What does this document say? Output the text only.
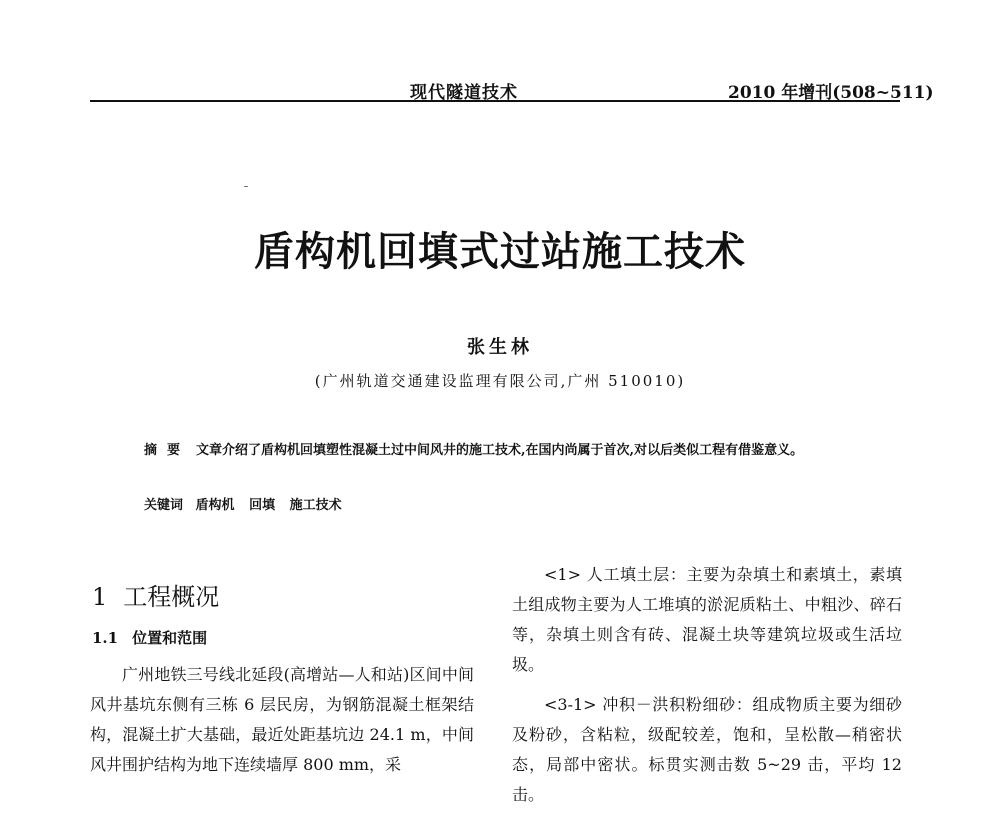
现代隧道技术	2010 年增刊(508~511)
盾构机回填式过站施工技术
张生林
(广州轨道交通建设监理有限公司,广州 510010)
摘要 文章介绍了盾构机回填塑性混凝土过中间风井的施工技术,在国内尚属于首次,对以后类似工程有借鉴意义。
关键词 盾构机 回填 施工技术
1 工程概况
1.1 位置和范围
广州地铁三号线北延段(高增站—人和站)区间中间风井基坑东侧有三栋 6 层民房，为钢筋混凝土框架结构，混凝土扩大基础，最近处距基坑边 24.1 m，中间风井围护结构为地下连续墙厚 800 mm，采

<1> 人工填土层：主要为杂填土和素填土，素填土组成物主要为人工堆填的淤泥质粘土、中粗沙、碎石等，杂填土则含有砖、混凝土块等建筑垃圾或生活垃圾。

<3-1> 冲积－洪积粉细砂：组成物质主要为细砂及粉砂，含粘粒，级配较差，饱和，呈松散—稍密状态，局部中密状。标贯实测击数 5~29 击，平均 12 击。
